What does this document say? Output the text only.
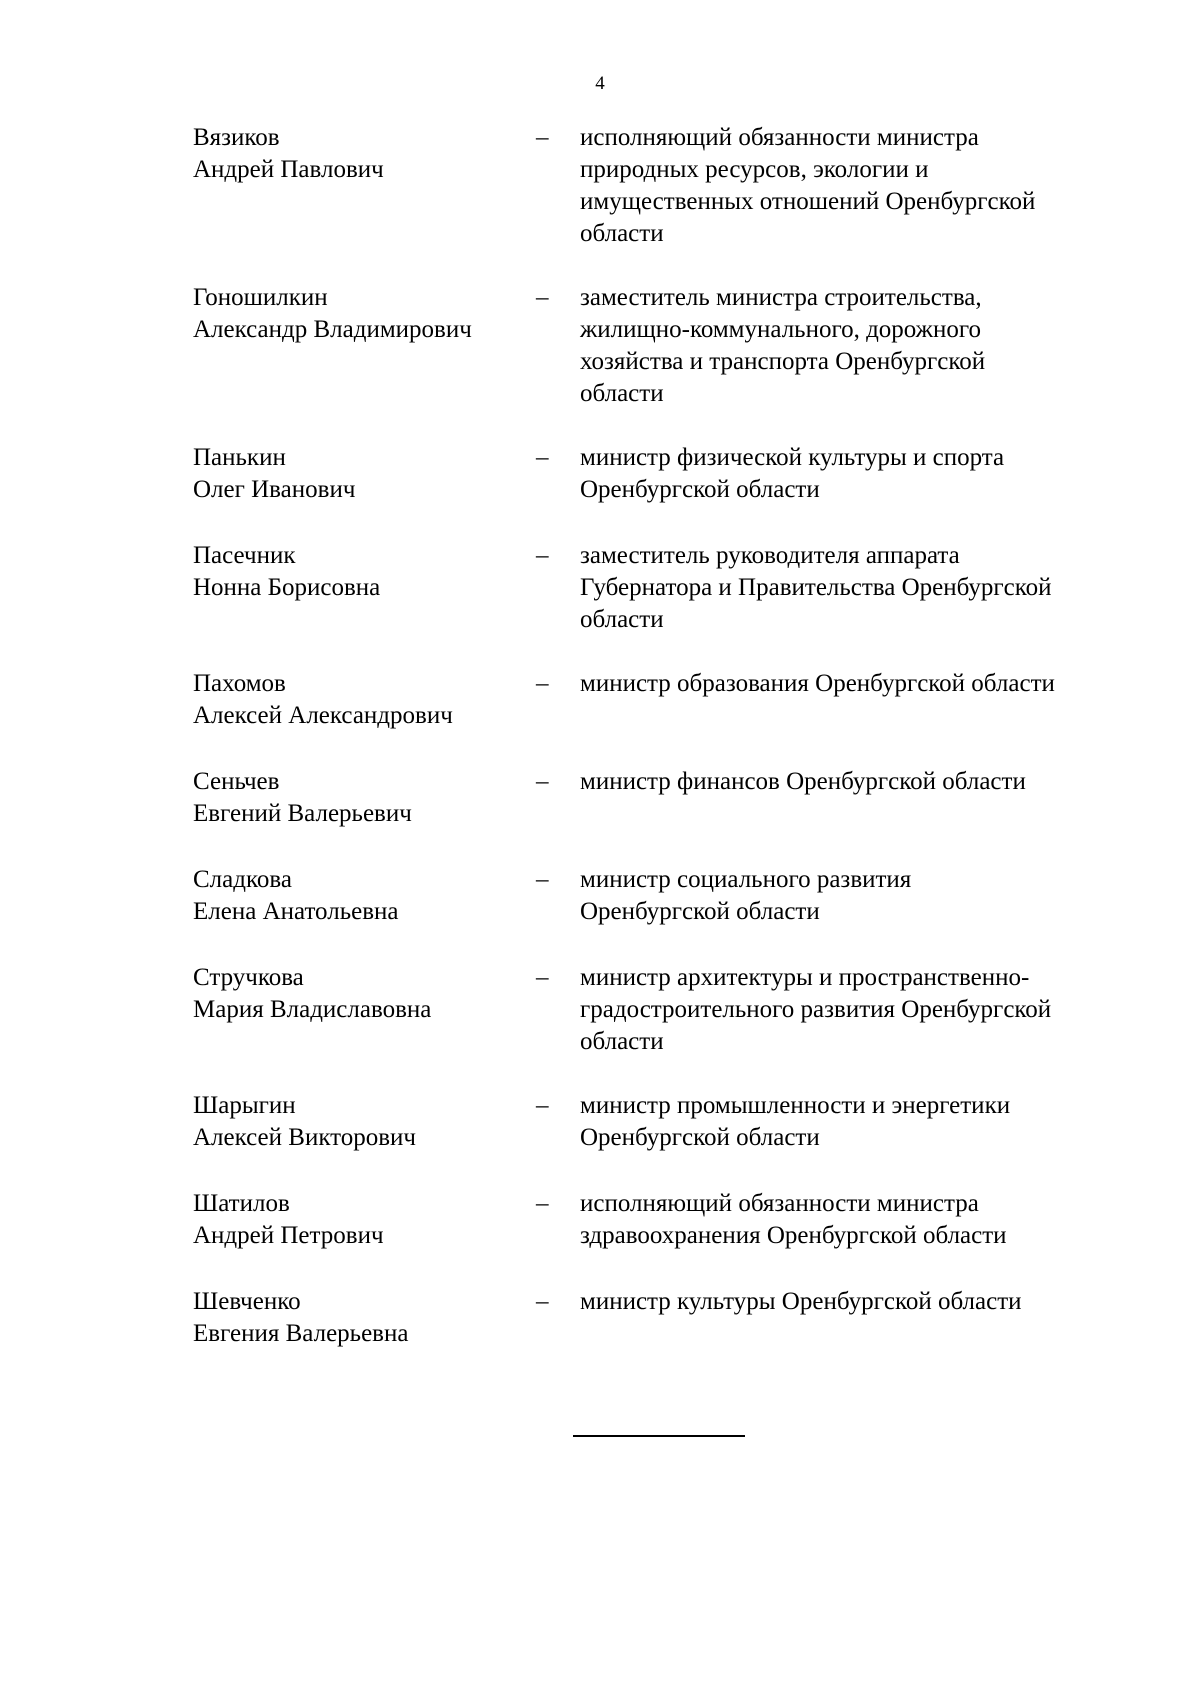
4
Вязиков
Андрей Павлович
– исполняющий обязанности министра
природных ресурсов, экологии и
имущественных отношений Оренбургской
области
Гоношилкин
Александр Владимирович
– заместитель министра строительства,
жилищно-коммунального, дорожного
хозяйства и транспорта Оренбургской
области
Панькин
Олег Иванович
– министр физической культуры и спорта
Оренбургской области
Пасечник
Нонна Борисовна
– заместитель руководителя аппарата
Губернатора и Правительства Оренбургской
области
Пахомов
Алексей Александрович
– министр образования Оренбургской области
Сеньчев
Евгений Валерьевич
– министр финансов Оренбургской области
Сладкова
Елена Анатольевна
– министр социального развития
Оренбургской области
Стручкова
Мария Владиславовна
– министр архитектуры и пространственно-
градостроительного развития Оренбургской
области
Шарыгин
Алексей Викторович
– министр промышленности и энергетики
Оренбургской области
Шатилов
Андрей Петрович
– исполняющий обязанности министра
здравоохранения Оренбургской области
Шевченко
Евгения Валерьевна
– министр культуры Оренбургской области
